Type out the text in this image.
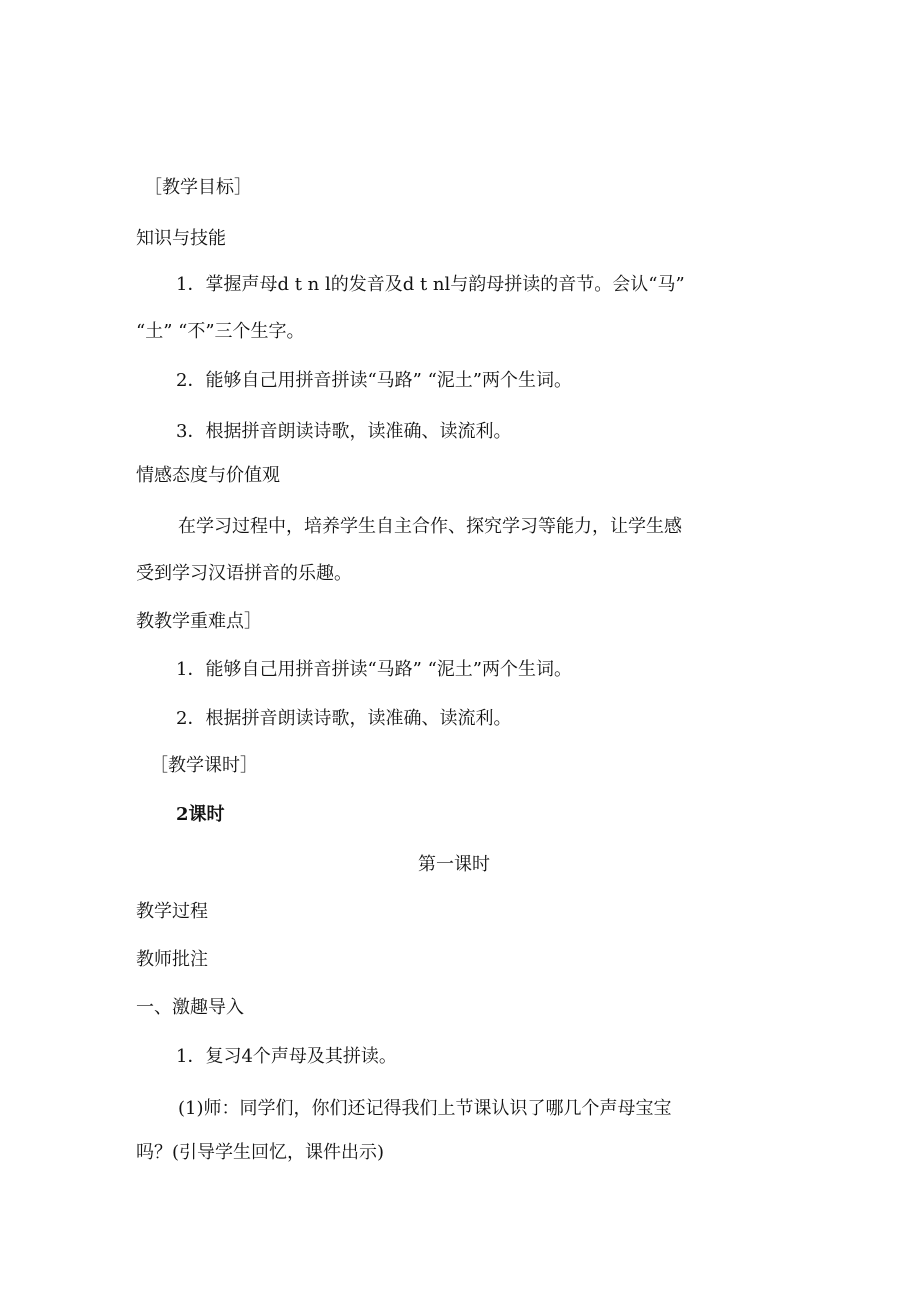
［教学目标］
知识与技能
1．掌握声母d t n l的发音及d t nl与韵母拼读的音节。会认“马”
“土” “不”三个生字。
2．能够自己用拼音拼读“马路” “泥土”两个生词。
3．根据拼音朗读诗歌，读准确、读流利。
情感态度与价值观
在学习过程中，培养学生自主合作、探究学习等能力，让学生感
受到学习汉语拼音的乐趣。
教教学重难点］
1．能够自己用拼音拼读“马路” “泥土”两个生词。
2．根据拼音朗读诗歌，读准确、读流利。
［教学课时］
2课时
第一课时
教学过程
教师批注
一、激趣导入
1．复习4个声母及其拼读。
(1)师：同学们，你们还记得我们上节课认识了哪几个声母宝宝
吗？(引导学生回忆，课件出示)
